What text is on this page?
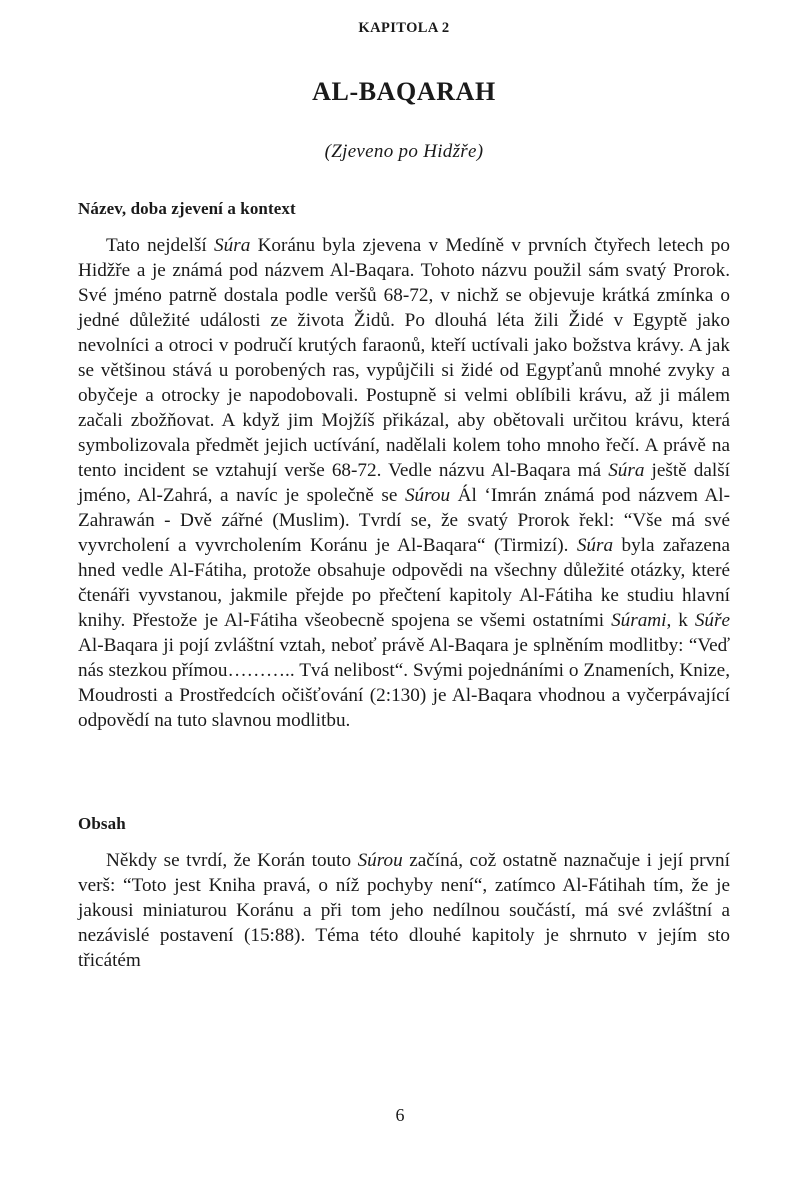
KAPITOLA 2
AL-BAQARAH
(Zjeveno po Hidžře)
Název, doba zjevení a kontext

Tato nejdelší Súra Koránu byla zjevena v Medíně v prvních čtyřech letech po Hidžře a je známá pod názvem Al-Baqara. Tohoto názvu použil sám svatý Prorok. Své jméno patrně dostala podle veršů 68-72, v nichž se objevuje krátká zmínka o jedné důležité události ze života Židů. Po dlouhá léta žili Židé v Egyptě jako nevolníci a otroci v područí krutých faraonů, kteří uctívali jako božstva krávy. A jak se většinou stává u porobených ras, vypůjčili si židé od Egypťanů mnohé zvyky a obyčeje a otrocky je napodobovali. Postupně si velmi oblíbili krávu, až ji málem začali zbožňovat. A když jim Mojžíš přikázal, aby obětovali určitou krávu, která symbolizovala předmět jejich uctívání, nadělali kolem toho mnoho řečí. A právě na tento incident se vztahují verše 68-72. Vedle názvu Al-Baqara má Súra ještě další jméno, Al-Zahrá, a navíc je společně se Súrou Ál ‘Imrán známá pod názvem Al-Zahrawán - Dvě zářné (Muslim). Tvrdí se, že svatý Prorok řekl: “Vše má své vyvrcholení a vyvrcholením Koránu je Al-Baqara“ (Tirmizí). Súra byla zařazena hned vedle Al-Fátiha, protože obsahuje odpovědi na všechny důležité otázky, které čtenáři vyvstanou, jakmile přejde po přečtení kapitoly Al-Fátiha ke studiu hlavní knihy. Přestože je Al-Fátiha všeobecně spojena se všemi ostatními Súrami, k Súře Al-Baqara ji pojí zvláštní vztah, neboť právě Al-Baqara je splněním modlitby: “Veď nás stezkou přímou……….. Tvá nelibost“. Svými pojednáními o Znameních, Knize, Moudrosti a Prostředcích očišťování (2:130) je Al-Baqara vhodnou a vyčerpávající odpovědí na tuto slavnou modlitbu.

Obsah

Někdy se tvrdí, že Korán touto Súrou začíná, což ostatně naznačuje i její první verš: “Toto jest Kniha pravá, o níž pochyby není“, zatímco Al-Fátihah tím, že je jakousi miniaturou Koránu a při tom jeho nedílnou součástí, má své zvláštní a nezávislé postavení (15:88). Téma této dlouhé kapitoly je shrnuto v jejím sto třicátém

6
